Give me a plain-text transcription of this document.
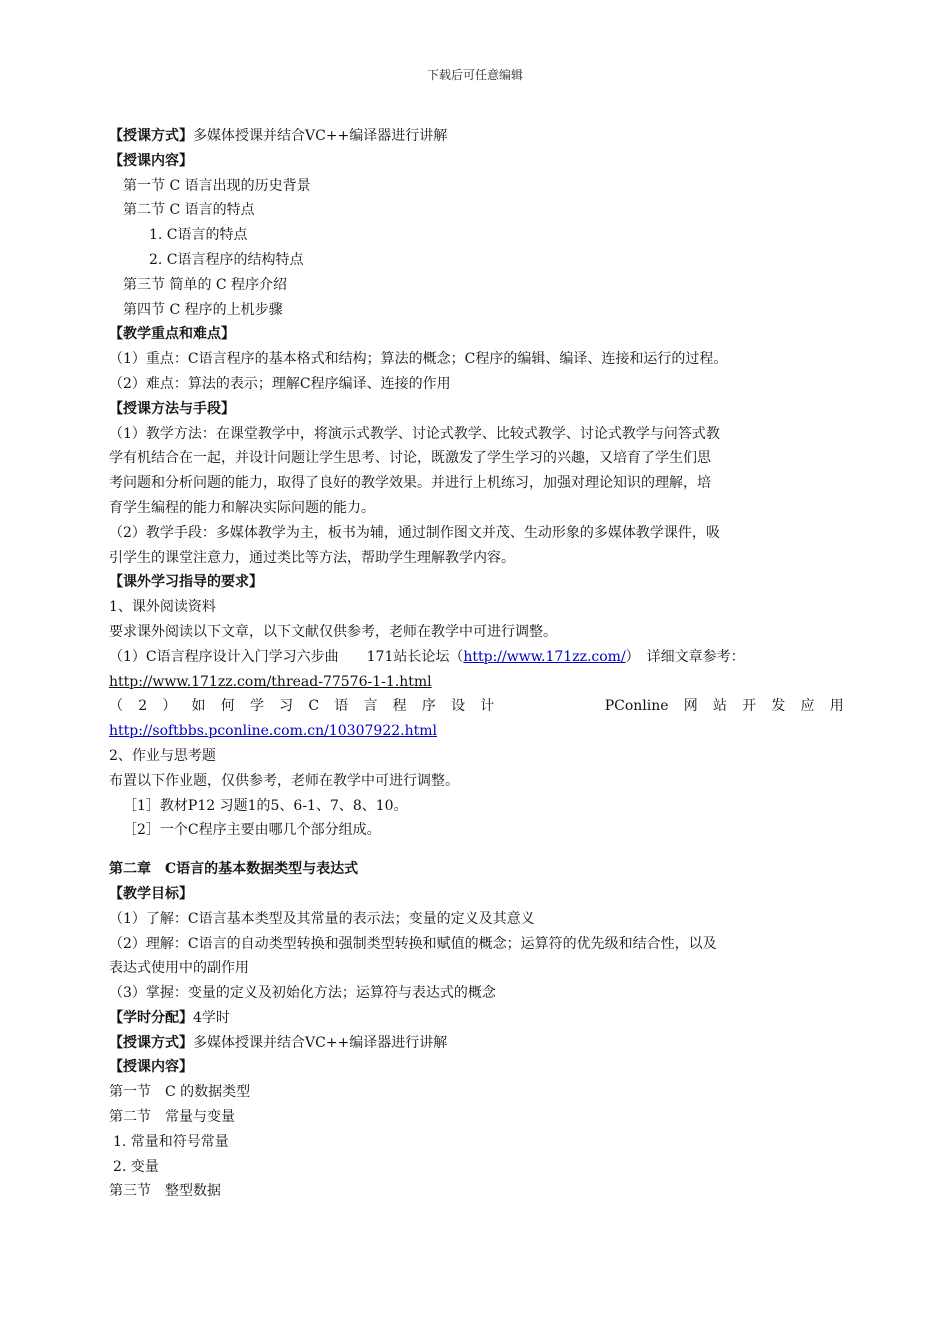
下载后可任意编辑
【授课方式】多媒体授课并结合VC++编译器进行讲解
【授课内容】
第一节 C 语言出现的历史背景
第二节 C 语言的特点
1. C语言的特点
2. C语言程序的结构特点
第三节 简单的 C 程序介绍
第四节 C 程序的上机步骤
【教学重点和难点】
（1）重点：C语言程序的基本格式和结构；算法的概念；C程序的编辑、编译、连接和运行的过程。
（2）难点：算法的表示；理解C程序编译、连接的作用
【授课方法与手段】
（1）教学方法：在课堂教学中，将演示式教学、讨论式教学、比较式教学、讨论式教学与问答式教
学有机结合在一起，并设计问题让学生思考、讨论，既激发了学生学习的兴趣，又培育了学生们思
考问题和分析问题的能力，取得了良好的教学效果。并进行上机练习，加强对理论知识的理解，培
育学生编程的能力和解决实际问题的能力。
（2）教学手段：多媒体教学为主，板书为辅，通过制作图文并茂、生动形象的多媒体教学课件，吸
引学生的课堂注意力，通过类比等方法，帮助学生理解教学内容。
【课外学习指导的要求】
1、课外阅读资料
要求课外阅读以下文章，以下文献仅供参考，老师在教学中可进行调整。
（1）C语言程序设计入门学习六步曲 171站长论坛（http://www.171zz.com/）　详细文章参考：
http://www.171zz.com/thread-77576-1-1.html
（ 2 ） 如 何 学 习 C 语 言 程 序 设 计	PConline 网 站 开 发 应 用
http://softbbs.pconline.com.cn/10307922.html
2、作业与思考题
布置以下作业题，仅供参考，老师在教学中可进行调整。
［1］教材P12 习题1的5、6-1、7、8、10。
［2］一个C程序主要由哪几个部分组成。
第二章　C语言的基本数据类型与表达式
【教学目标】
（1）了解：C语言基本类型及其常量的表示法；变量的定义及其意义
（2）理解：C语言的自动类型转换和强制类型转换和赋值的概念；运算符的优先级和结合性，以及
表达式使用中的副作用
（3）掌握：变量的定义及初始化方法；运算符与表达式的概念
【学时分配】4学时
【授课方式】多媒体授课并结合VC++编译器进行讲解
【授课内容】
第一节　C 的数据类型
第二节　常量与变量
1. 常量和符号常量
2. 变量
第三节　整型数据
